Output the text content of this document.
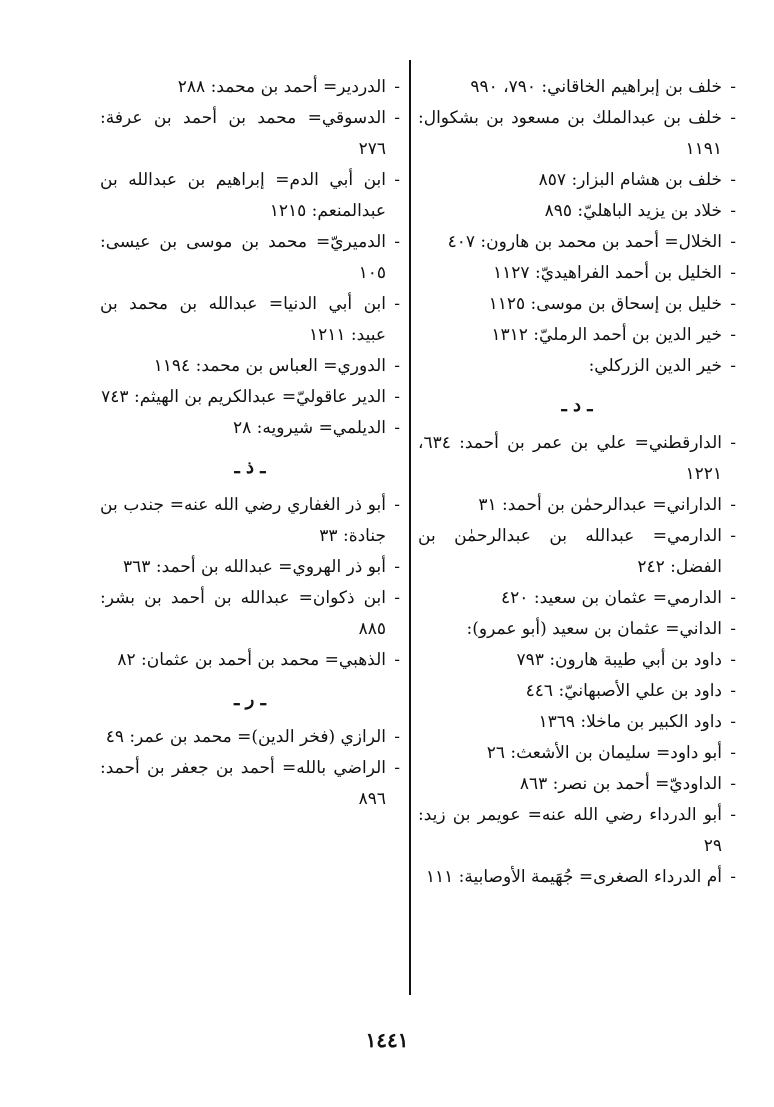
- خلف بن إبراهيم الخاقاني: ٧٩٠، ٩٩٠
- خلف بن عبدالملك بن مسعود بن بشكوال: ١١٩١
- خلف بن هشام البزار: ٨٥٧
- خلاد بن يزيد الباهليّ: ٨٩٥
- الخلال= أحمد بن محمد بن هارون: ٤٠٧
- الخليل بن أحمد الفراهيديّ: ١١٢٧
- خليل بن إسحاق بن موسى: ١١٢٥
- خير الدين بن أحمد الرمليّ: ١٣١٢
- خير الدين الزركلي:
ـ د ـ
- الدارقطني= علي بن عمر بن أحمد: ٦٣٤، ١٢٢١
- الداراني= عبدالرحمٰن بن أحمد: ٣١
- الدارمي= عبدالله بن عبدالرحمٰن بن الفضل: ٢٤٢
- الدارمي= عثمان بن سعيد: ٤٢٠
- الداني= عثمان بن سعيد (أبو عمرو):
- داود بن أبي طيبة هارون: ٧٩٣
- داود بن علي الأصبهانيّ: ٤٤٦
- داود الكبير بن ماخلا: ١٣٦٩
- أبو داود= سليمان بن الأشعث: ٢٦
- الداوديّ= أحمد بن نصر: ٨٦٣
- أبو الدرداء رضي الله عنه= عويمر بن زيد: ٢٩
- أم الدرداء الصغرى= جُهَيمة الأوصابية: ١١١
- الدردير= أحمد بن محمد: ٢٨٨
- الدسوقي= محمد بن أحمد بن عرفة: ٢٧٦
- ابن أبي الدم= إبراهيم بن عبدالله بن عبدالمنعم: ١٢١٥
- الدميريّ= محمد بن موسى بن عيسى: ١٠٥
- ابن أبي الدنيا= عبدالله بن محمد بن عبيد: ١٢١١
- الدوري= العباس بن محمد: ١١٩٤
- الدير عاقوليّ= عبدالكريم بن الهيثم: ٧٤٣
- الديلمي= شيرويه: ٢٨
ـ ذ ـ
- أبو ذر الغفاري رضي الله عنه= جندب بن جنادة: ٣٣
- أبو ذر الهروي= عبدالله بن أحمد: ٣٦٣
- ابن ذكوان= عبدالله بن أحمد بن بشر: ٨٨٥
- الذهبي= محمد بن أحمد بن عثمان: ٨٢
ـ ر ـ
- الرازي (فخر الدين)= محمد بن عمر: ٤٩
- الراضي بالله= أحمد بن جعفر بن أحمد: ٨٩٦
١٤٤١
